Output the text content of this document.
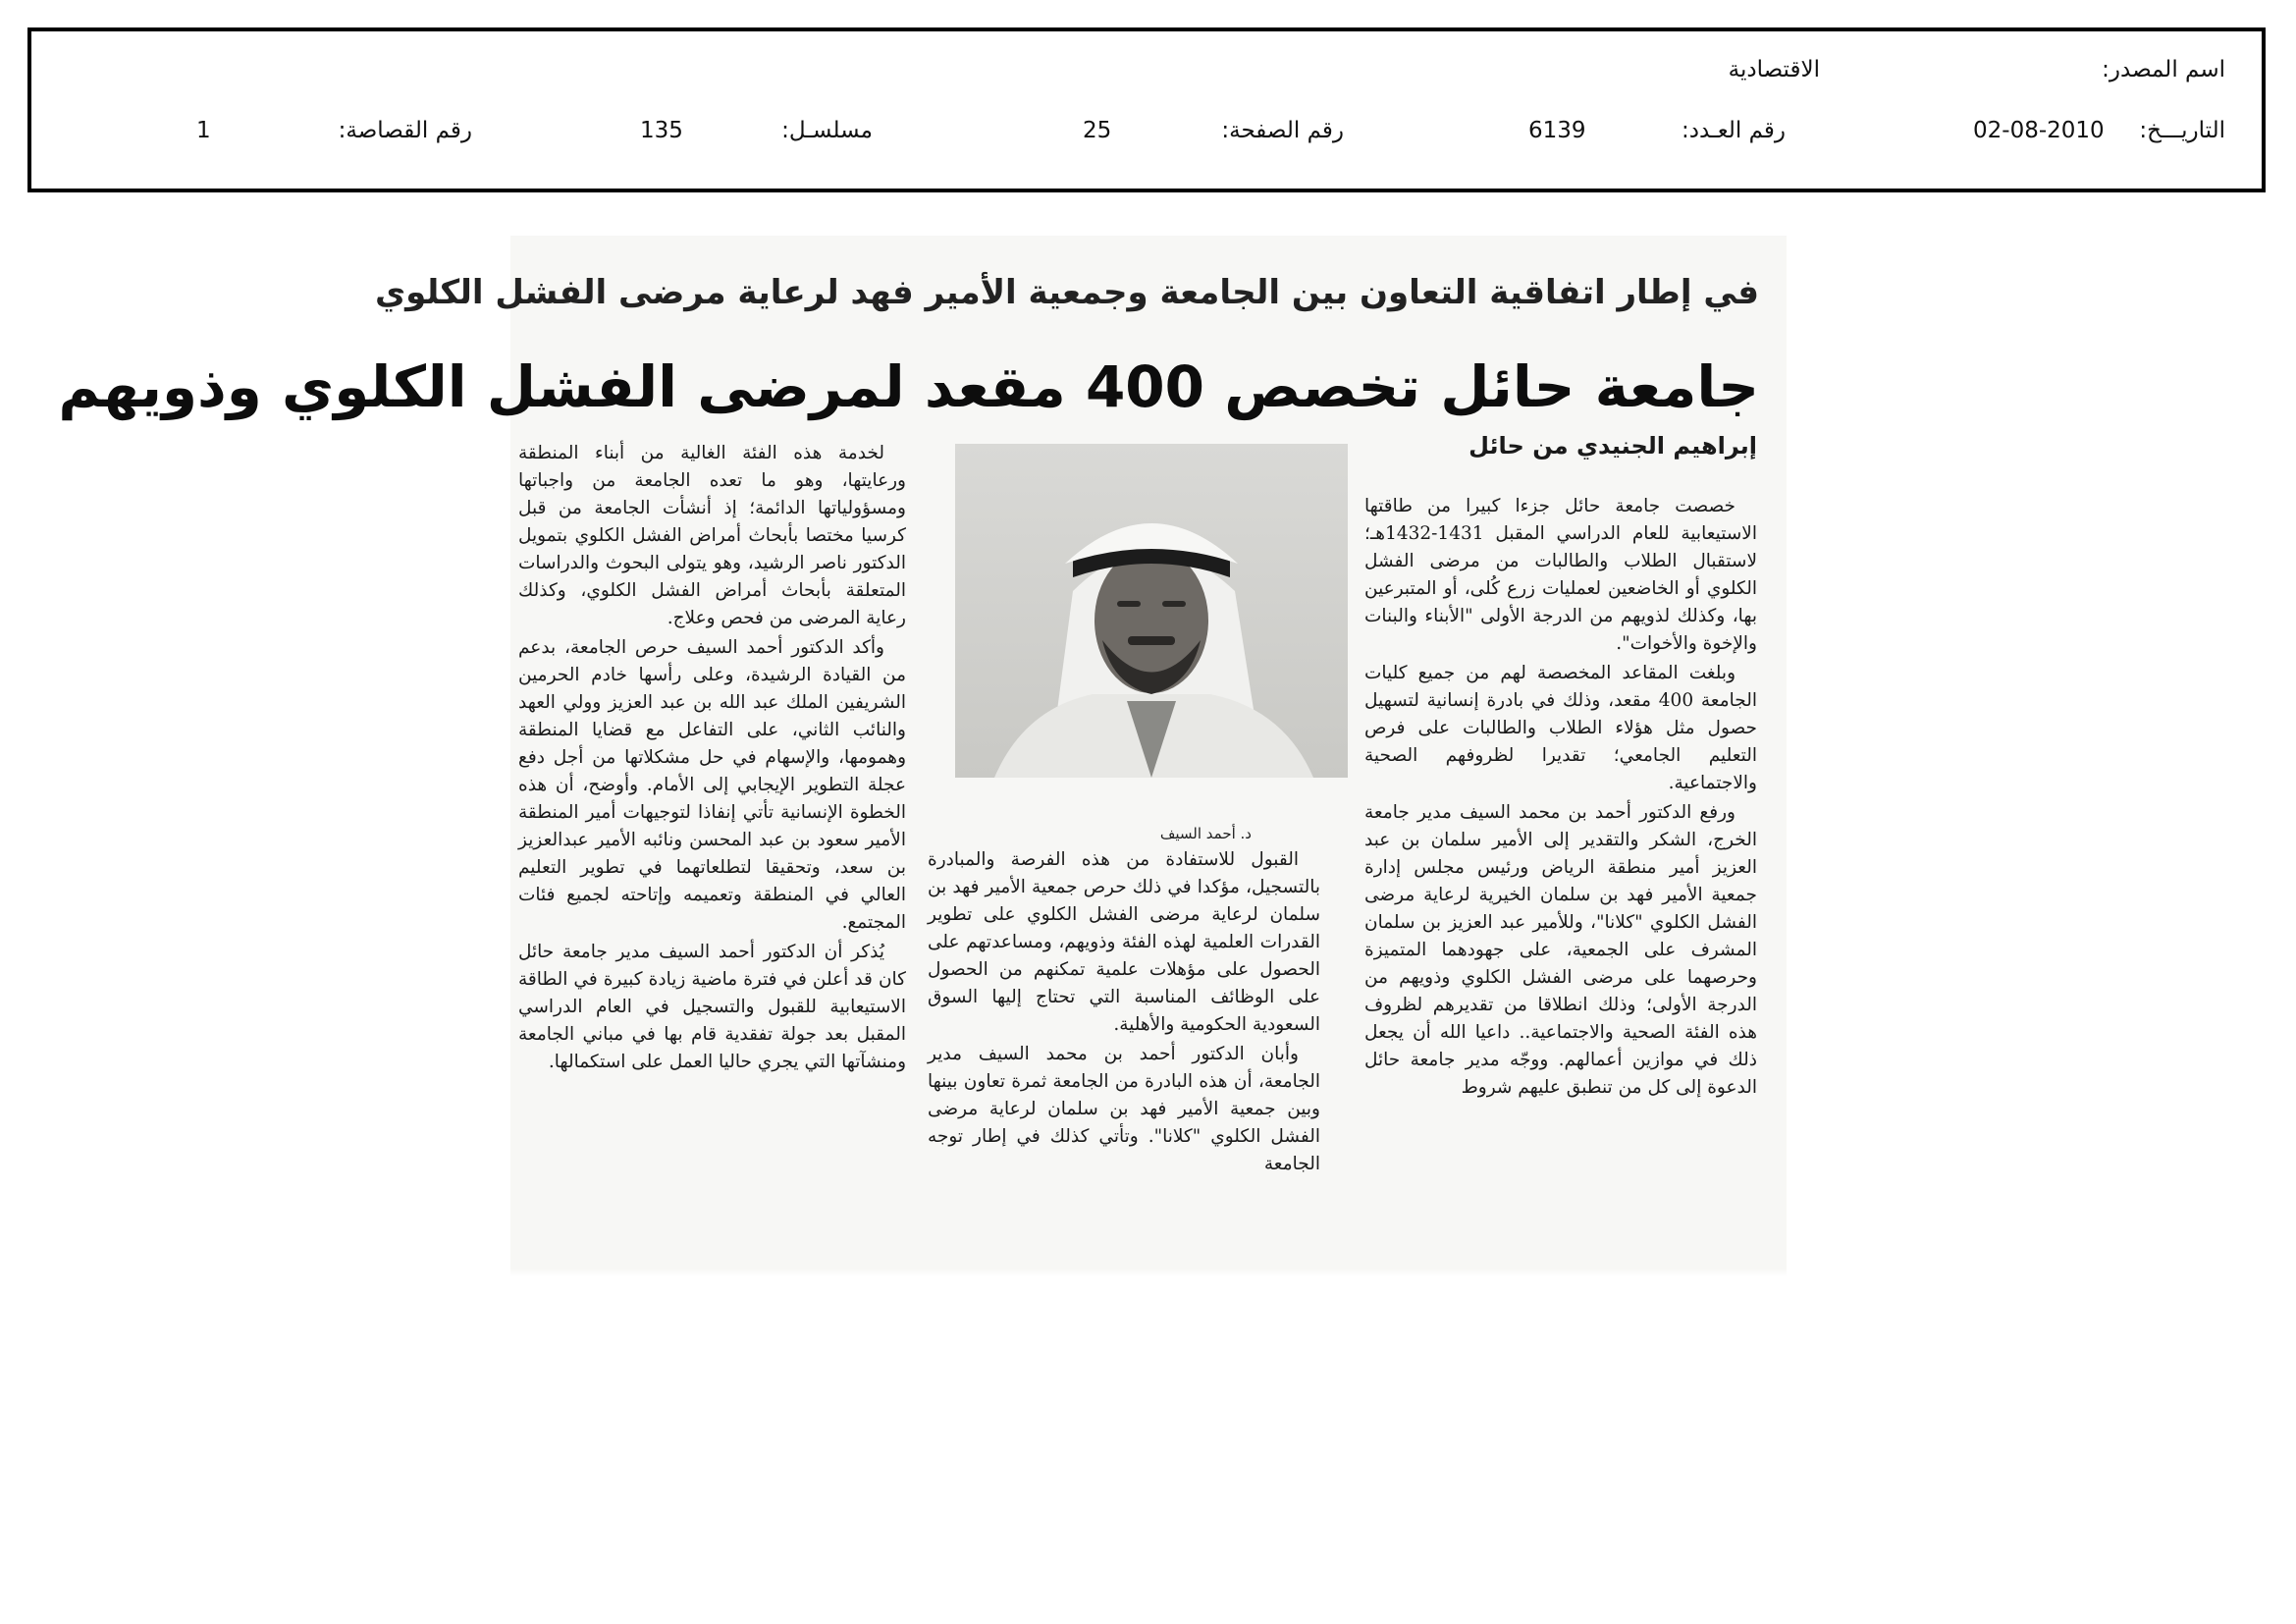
اسم المصدر:
الاقتصادية
التاريـــخ:
02-08-2010
رقم العـدد:
6139
رقم الصفحة:
25
مسلسـل:
135
رقم القصاصة:
1
في إطار اتفاقية التعاون بين الجامعة وجمعية الأمير فهد لرعاية مرضى الفشل الكلوي
جامعة حائل تخصص 400 مقعد لمرضى الفشل الكلوي وذويهم
إبراهيم الجنيدي من حائل

خصصت جامعة حائل جزءا كبيرا من طاقتها الاستيعابية للعام الدراسي المقبل 1431-1432هـ؛ لاستقبال الطلاب والطالبات من مرضى الفشل الكلوي أو الخاضعين لعمليات زرع كُلى، أو المتبرعين بها، وكذلك لذويهم من الدرجة الأولى "الأبناء والبنات والإخوة والأخوات".

وبلغت المقاعد المخصصة لهم من جميع كليات الجامعة 400 مقعد، وذلك في بادرة إنسانية لتسهيل حصول مثل هؤلاء الطلاب والطالبات على فرص التعليم الجامعي؛ تقديرا لظروفهم الصحية والاجتماعية.

ورفع الدكتور أحمد بن محمد السيف مدير جامعة الخرج، الشكر والتقدير إلى الأمير سلمان بن عبد العزيز أمير منطقة الرياض ورئيس مجلس إدارة جمعية الأمير فهد بن سلمان الخيرية لرعاية مرضى الفشل الكلوي "كلانا"، وللأمير عبد العزيز بن سلمان المشرف على الجمعية، على جهودهما المتميزة وحرصهما على مرضى الفشل الكلوي وذويهم من الدرجة الأولى؛ وذلك انطلاقا من تقديرهم لظروف هذه الفئة الصحية والاجتماعية.. داعيا الله أن يجعل ذلك في موازين أعمالهم. ووجّه مدير جامعة حائل الدعوة إلى كل من تنطبق عليهم شروط

د. أحمد السيف

القبول للاستفادة من هذه الفرصة والمبادرة بالتسجيل، مؤكدا في ذلك حرص جمعية الأمير فهد بن سلمان لرعاية مرضى الفشل الكلوي على تطوير القدرات العلمية لهذه الفئة وذويهم، ومساعدتهم على الحصول على مؤهلات علمية تمكنهم من الحصول على الوظائف المناسبة التي تحتاج إليها السوق السعودية الحكومية والأهلية.

وأبان الدكتور أحمد بن محمد السيف مدير الجامعة، أن هذه البادرة من الجامعة ثمرة تعاون بينها وبين جمعية الأمير فهد بن سلمان لرعاية مرضى الفشل الكلوي "كلانا". وتأتي كذلك في إطار توجه الجامعة

لخدمة هذه الفئة الغالية من أبناء المنطقة ورعايتها، وهو ما تعده الجامعة من واجباتها ومسؤولياتها الدائمة؛ إذ أنشأت الجامعة من قبل كرسيا مختصا بأبحاث أمراض الفشل الكلوي بتمويل الدكتور ناصر الرشيد، وهو يتولى البحوث والدراسات المتعلقة بأبحاث أمراض الفشل الكلوي، وكذلك رعاية المرضى من فحص وعلاج.

وأكد الدكتور أحمد السيف حرص الجامعة، بدعم من القيادة الرشيدة، وعلى رأسها خادم الحرمين الشريفين الملك عبد الله بن عبد العزيز وولي العهد والنائب الثاني، على التفاعل مع قضايا المنطقة وهمومها، والإسهام في حل مشكلاتها من أجل دفع عجلة التطوير الإيجابي إلى الأمام. وأوضح، أن هذه الخطوة الإنسانية تأتي إنفاذا لتوجيهات أمير المنطقة الأمير سعود بن عبد المحسن ونائبه الأمير عبدالعزيز بن سعد، وتحقيقا لتطلعاتهما في تطوير التعليم العالي في المنطقة وتعميمه وإتاحته لجميع فئات المجتمع.

يُذكر أن الدكتور أحمد السيف مدير جامعة حائل كان قد أعلن في فترة ماضية زيادة كبيرة في الطاقة الاستيعابية للقبول والتسجيل في العام الدراسي المقبل بعد جولة تفقدية قام بها في مباني الجامعة ومنشآتها التي يجري حاليا العمل على استكمالها.
